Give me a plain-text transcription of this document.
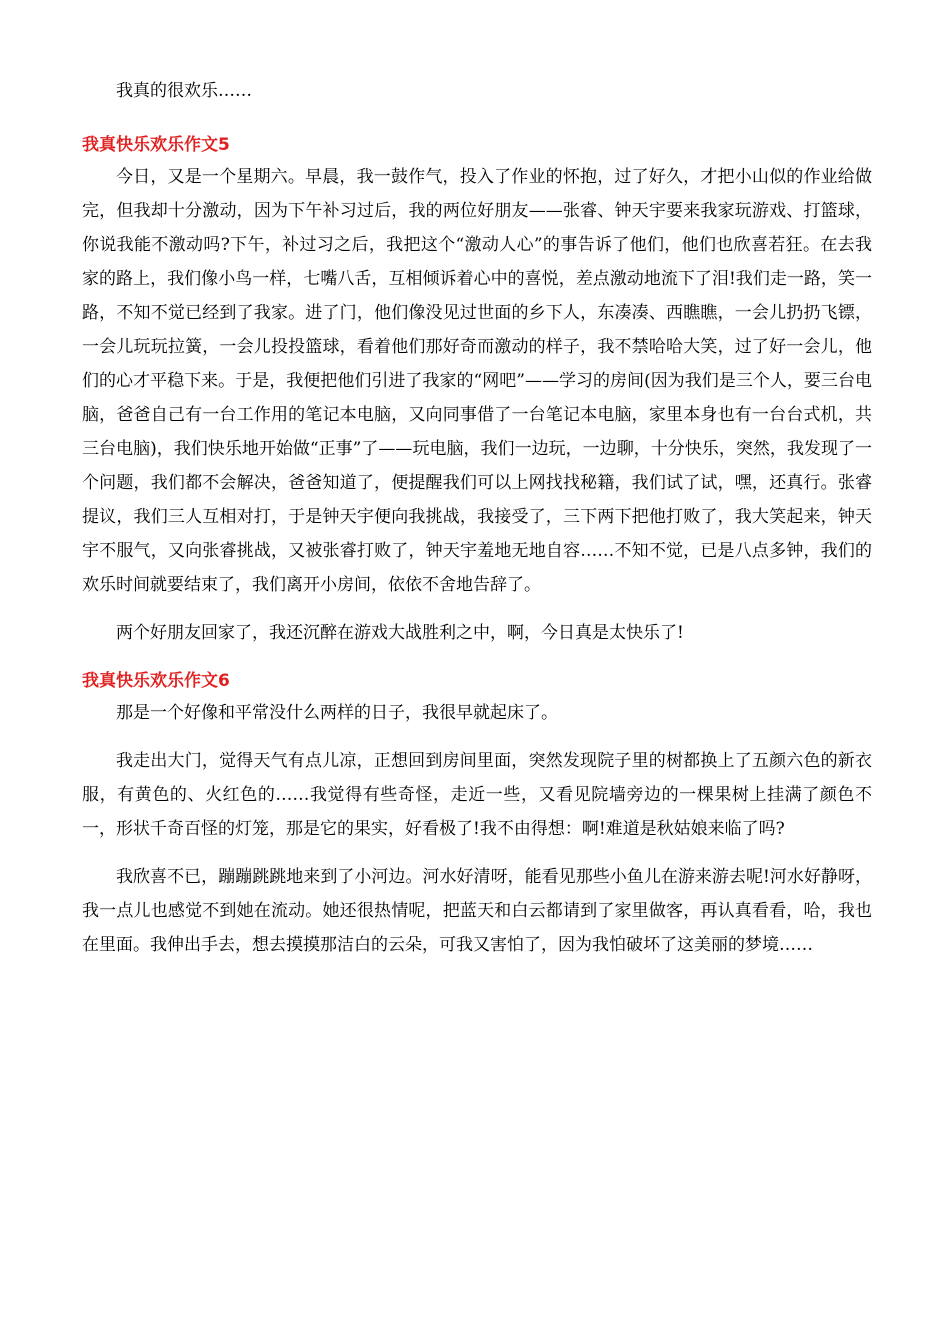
我真的很欢乐……

我真快乐欢乐作文5

今日，又是一个星期六。早晨，我一鼓作气，投入了作业的怀抱，过了好久，才把小山似的作业给做完，但我却十分激动，因为下午补习过后，我的两位好朋友——张睿、钟天宇要来我家玩游戏、打篮球，你说我能不激动吗?下午，补过习之后，我把这个“激动人心”的事告诉了他们，他们也欣喜若狂。在去我家的路上，我们像小鸟一样，七嘴八舌，互相倾诉着心中的喜悦，差点激动地流下了泪!我们走一路，笑一路，不知不觉已经到了我家。进了门，他们像没见过世面的乡下人，东凑凑、西瞧瞧，一会儿扔扔飞镖，一会儿玩玩拉簧，一会儿投投篮球，看着他们那好奇而激动的样子，我不禁哈哈大笑，过了好一会儿，他们的心才平稳下来。于是，我便把他们引进了我家的“网吧”——学习的房间(因为我们是三个人，要三台电脑，爸爸自己有一台工作用的笔记本电脑，又向同事借了一台笔记本电脑，家里本身也有一台台式机，共三台电脑)，我们快乐地开始做“正事”了——玩电脑，我们一边玩，一边聊，十分快乐，突然，我发现了一个问题，我们都不会解决，爸爸知道了，便提醒我们可以上网找找秘籍，我们试了试，嘿，还真行。张睿提议，我们三人互相对打，于是钟天宇便向我挑战，我接受了，三下两下把他打败了，我大笑起来，钟天宇不服气，又向张睿挑战，又被张睿打败了，钟天宇羞地无地自容……不知不觉，已是八点多钟，我们的欢乐时间就要结束了，我们离开小房间，依依不舍地告辞了。

两个好朋友回家了，我还沉醉在游戏大战胜利之中，啊，今日真是太快乐了!

我真快乐欢乐作文6

那是一个好像和平常没什么两样的日子，我很早就起床了。

我走出大门，觉得天气有点儿凉，正想回到房间里面，突然发现院子里的树都换上了五颜六色的新衣服，有黄色的、火红色的……我觉得有些奇怪，走近一些，又看见院墙旁边的一棵果树上挂满了颜色不一，形状千奇百怪的灯笼，那是它的果实，好看极了!我不由得想：啊!难道是秋姑娘来临了吗?

我欣喜不已，蹦蹦跳跳地来到了小河边。河水好清呀，能看见那些小鱼儿在游来游去呢!河水好静呀，我一点儿也感觉不到她在流动。她还很热情呢，把蓝天和白云都请到了家里做客，再认真看看，哈，我也在里面。我伸出手去，想去摸摸那洁白的云朵，可我又害怕了，因为我怕破坏了这美丽的梦境……
